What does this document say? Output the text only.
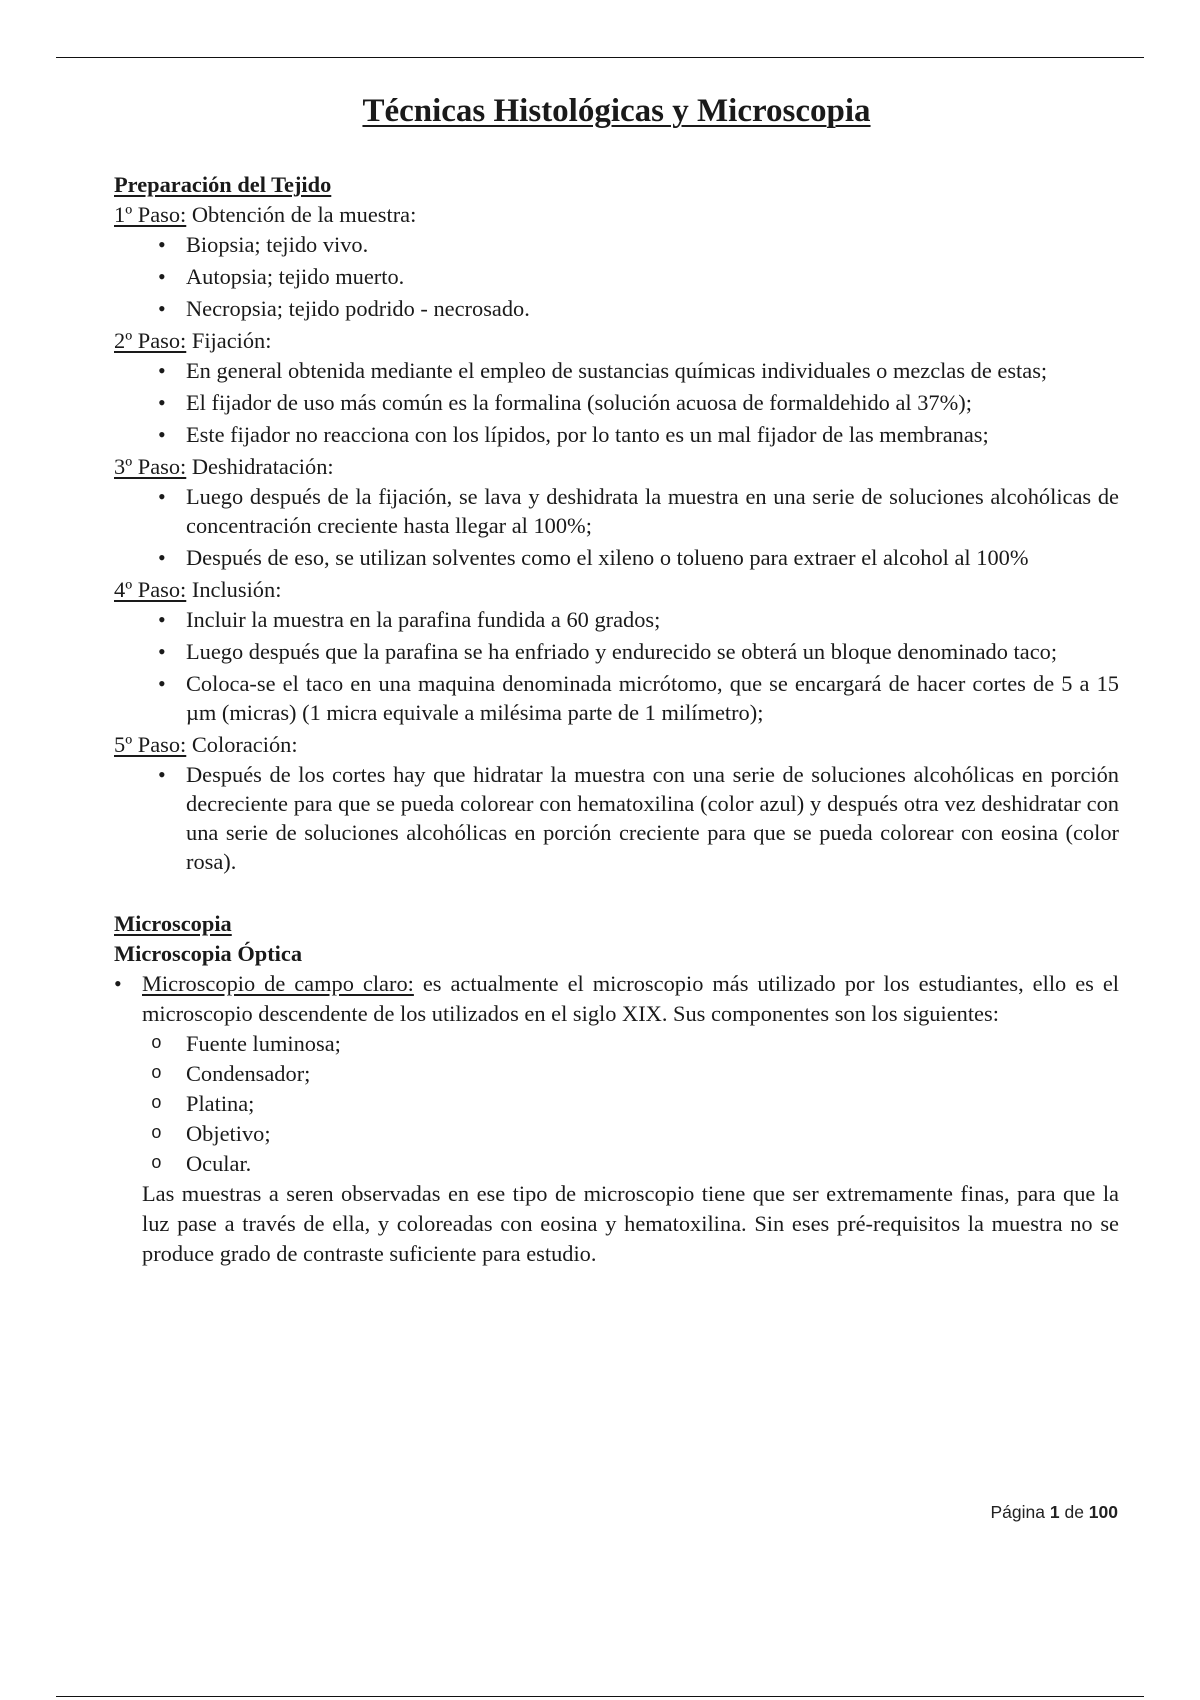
Técnicas Histológicas y Microscopia
Preparación del Tejido
1º Paso: Obtención de la muestra:
• Biopsia; tejido vivo.
• Autopsia; tejido muerto.
• Necropsia; tejido podrido - necrosado.
2º Paso: Fijación:
• En general obtenida mediante el empleo de sustancias químicas individuales o mezclas de estas;
• El fijador de uso más común es la formalina (solución acuosa de formaldehido al 37%);
• Este fijador no reacciona con los lípidos, por lo tanto es un mal fijador de las membranas;
3º Paso: Deshidratación:
• Luego después de la fijación, se lava y deshidrata la muestra en una serie de soluciones alcohólicas de concentración creciente hasta llegar al 100%;
• Después de eso, se utilizan solventes como el xileno o tolueno para extraer el alcohol al 100%
4º Paso: Inclusión:
• Incluir la muestra en la parafina fundida a 60 grados;
• Luego después que la parafina se ha enfriado y endurecido se obterá un bloque denominado taco;
• Coloca-se el taco en una maquina denominada micrótomo, que se encargará de hacer cortes de 5 a 15 µm (micras) (1 micra equivale a milésima parte de 1 milímetro);
5º Paso: Coloración:
• Después de los cortes hay que hidratar la muestra con una serie de soluciones alcohólicas en porción decreciente para que se pueda colorear con hematoxilina (color azul) y después otra vez deshidratar con una serie de soluciones alcohólicas en porción creciente para que se pueda colorear con eosina (color rosa).
Microscopia
Microscopia Óptica
• Microscopio de campo claro: es actualmente el microscopio más utilizado por los estudiantes, ello es el microscopio descendente de los utilizados en el siglo XIX. Sus componentes son los siguientes:
o Fuente luminosa;
o Condensador;
o Platina;
o Objetivo;
o Ocular.
Las muestras a seren observadas en ese tipo de microscopio tiene que ser extremamente finas, para que la luz pase a través de ella, y coloreadas con eosina y hematoxilina. Sin eses pré-requisitos la muestra no se produce grado de contraste suficiente para estudio.
Página 1 de 100
